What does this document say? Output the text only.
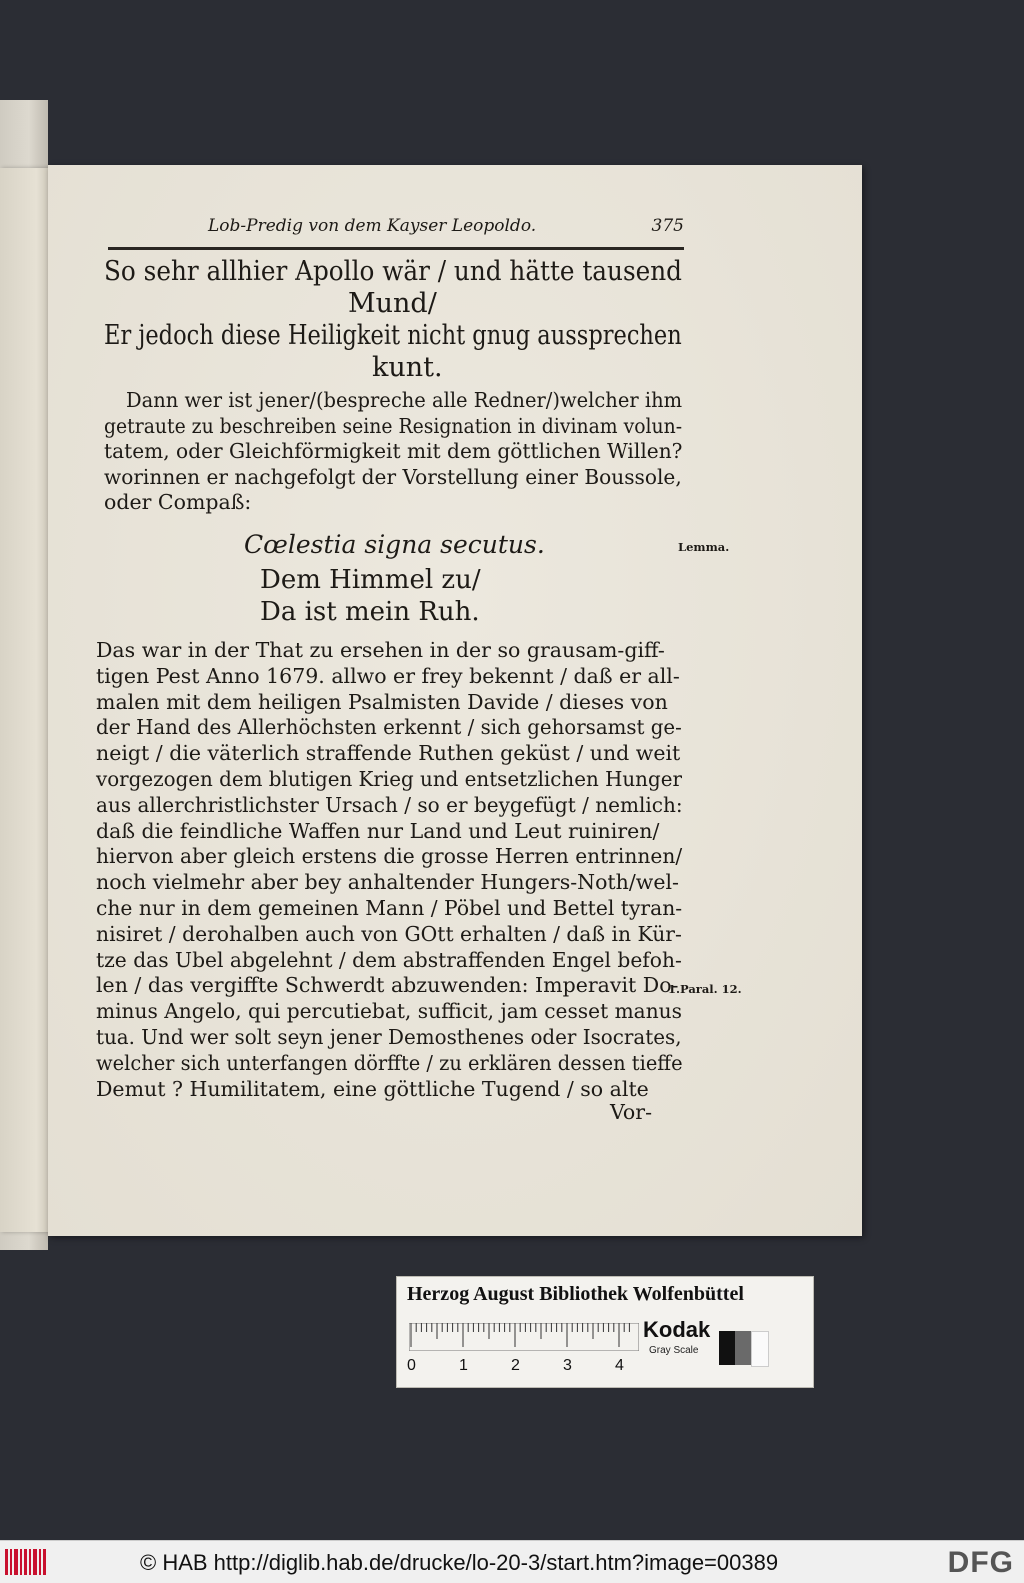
Lob-Predig von dem Kayser Leopoldo.	375
So sehr allhier Apollo wär / und hätte tausend
Mund/
Er jedoch diese Heiligkeit nicht gnug aussprechen
kunt.
Dann wer ist jener/(bespreche alle Redner/)welcher ihm
getraute zu beschreiben seine Resignation in divinam volun-
tatem, oder Gleichförmigkeit mit dem göttlichen Willen?
worinnen er nachgefolgt der Vorstellung einer Boussole,
oder Compaß:
Cœlestia signa secutus.	Lemma.
Dem Himmel zu/
Da ist mein Ruh.
Das war in der That zu ersehen in der so grausam-giff-
tigen Pest Anno 1679. allwo er frey bekennt / daß er all-
malen mit dem heiligen Psalmisten Davide / dieses von
der Hand des Allerhöchsten erkennt / sich gehorsamst ge-
neigt / die väterlich straffende Ruthen geküst / und weit
vorgezogen dem blutigen Krieg und entsetzlichen Hunger
aus allerchristlichster Ursach / so er beygefügt / nemlich:
daß die feindliche Waffen nur Land und Leut ruiniren/
hiervon aber gleich erstens die grosse Herren entrinnen/
noch vielmehr aber bey anhaltender Hungers-Noth/wel-
che nur in dem gemeinen Mann / Pöbel und Bettel tyran-
nisiret / derohalben auch von GOtt erhalten / daß in Kür-
tze das Ubel abgelehnt / dem abstraffenden Engel befoh-
len / das vergiffte Schwerdt abzuwenden: Imperavit Do-
minus Angelo, qui percutiebat, sufficit, jam cesset manus
tua. Und wer solt seyn jener Demosthenes oder Isocrates,
welcher sich unterfangen dörffte / zu erklären dessen tieffe
Demut ? Humilitatem, eine göttliche Tugend / so alte
1.Paral. 12.
Vor-
Herzog August Bibliothek Wolfenbüttel
0	1	2	3	4
Kodak
Gray Scale
© HAB http://diglib.hab.de/drucke/lo-20-3/start.htm?image=00389	DFG
